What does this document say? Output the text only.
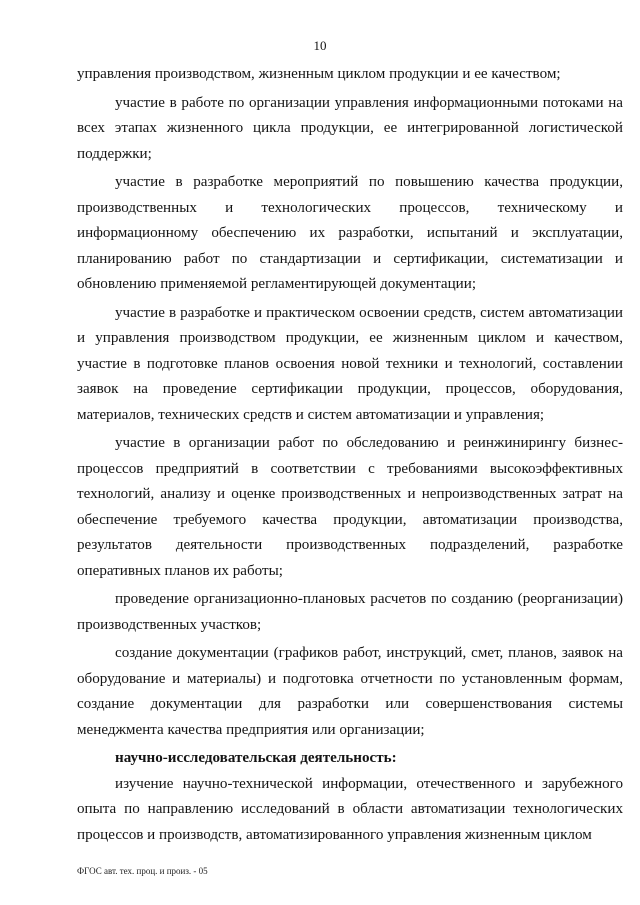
10

управления производством, жизненным циклом продукции и ее качеством;

участие в работе по организации управления информационными потоками на всех этапах жизненного цикла продукции, ее интегрированной логистической поддержки;

участие в разработке мероприятий по повышению качества продукции, производственных и технологических процессов, техническому и информационному обеспечению их разработки, испытаний и эксплуатации, планированию работ по стандартизации и сертификации, систематизации и обновлению применяемой регламентирующей документации;

участие в разработке и практическом освоении средств, систем автоматизации и управления производством продукции, ее жизненным циклом и качеством, участие в подготовке планов освоения новой техники и технологий, составлении заявок на проведение сертификации продукции, процессов, оборудования, материалов, технических средств и систем автоматизации и управления;

участие в организации работ по обследованию и реинжинирингу бизнес-процессов предприятий в соответствии с требованиями высокоэффективных технологий, анализу и оценке производственных и непроизводственных затрат на обеспечение требуемого качества продукции, автоматизации производства, результатов деятельности производственных подразделений, разработке оперативных планов их работы;

проведение организационно-плановых расчетов по созданию (реорганизации) производственных участков;

создание документации (графиков работ, инструкций, смет, планов, заявок на оборудование и материалы) и подготовка отчетности по установленным формам, создание документации для разработки или совершенствования системы менеджмента качества предприятия или организации;

научно-исследовательская деятельность:

изучение научно-технической информации, отечественного и зарубежного опыта по направлению исследований в области автоматизации технологических процессов и производств, автоматизированного управления жизненным циклом

ФГОС авт. тех. проц. и произ. - 05
